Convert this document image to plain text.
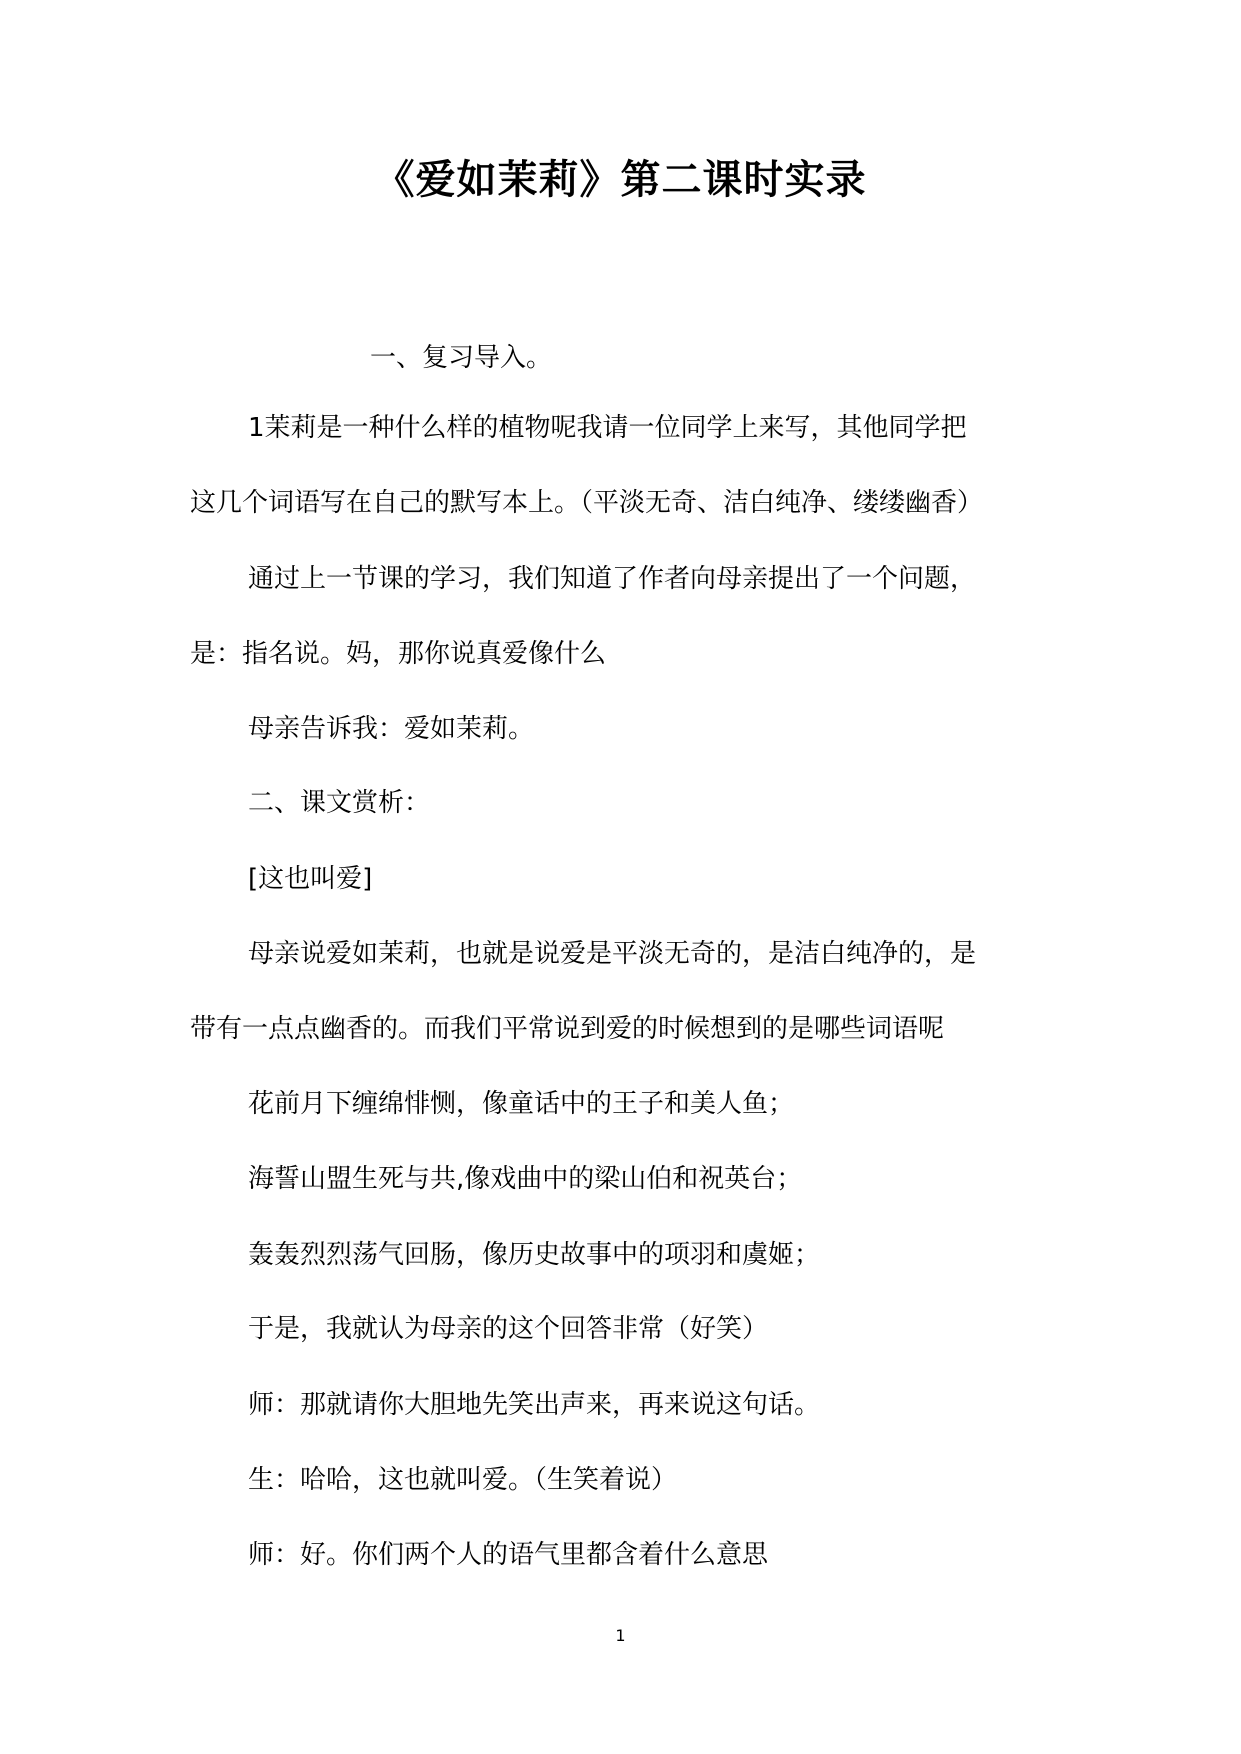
《爱如茉莉》第二课时实录
一、复习导入。
1茉莉是一种什么样的植物呢我请一位同学上来写，其他同学把
这几个词语写在自己的默写本上。（平淡无奇、洁白纯净、缕缕幽香）
通过上一节课的学习，我们知道了作者向母亲提出了一个问题，
是：指名说。妈，那你说真爱像什么
母亲告诉我：爱如茉莉。
二、课文赏析：
[这也叫爱]
母亲说爱如茉莉，也就是说爱是平淡无奇的，是洁白纯净的，是
带有一点点幽香的。而我们平常说到爱的时候想到的是哪些词语呢
花前月下缠绵悱恻，像童话中的王子和美人鱼；
海誓山盟生死与共,像戏曲中的梁山伯和祝英台；
轰轰烈烈荡气回肠，像历史故事中的项羽和虞姬；
于是，我就认为母亲的这个回答非常（好笑）
师：那就请你大胆地先笑出声来，再来说这句话。
生：哈哈，这也就叫爱。（生笑着说）
师：好。你们两个人的语气里都含着什么意思
1
